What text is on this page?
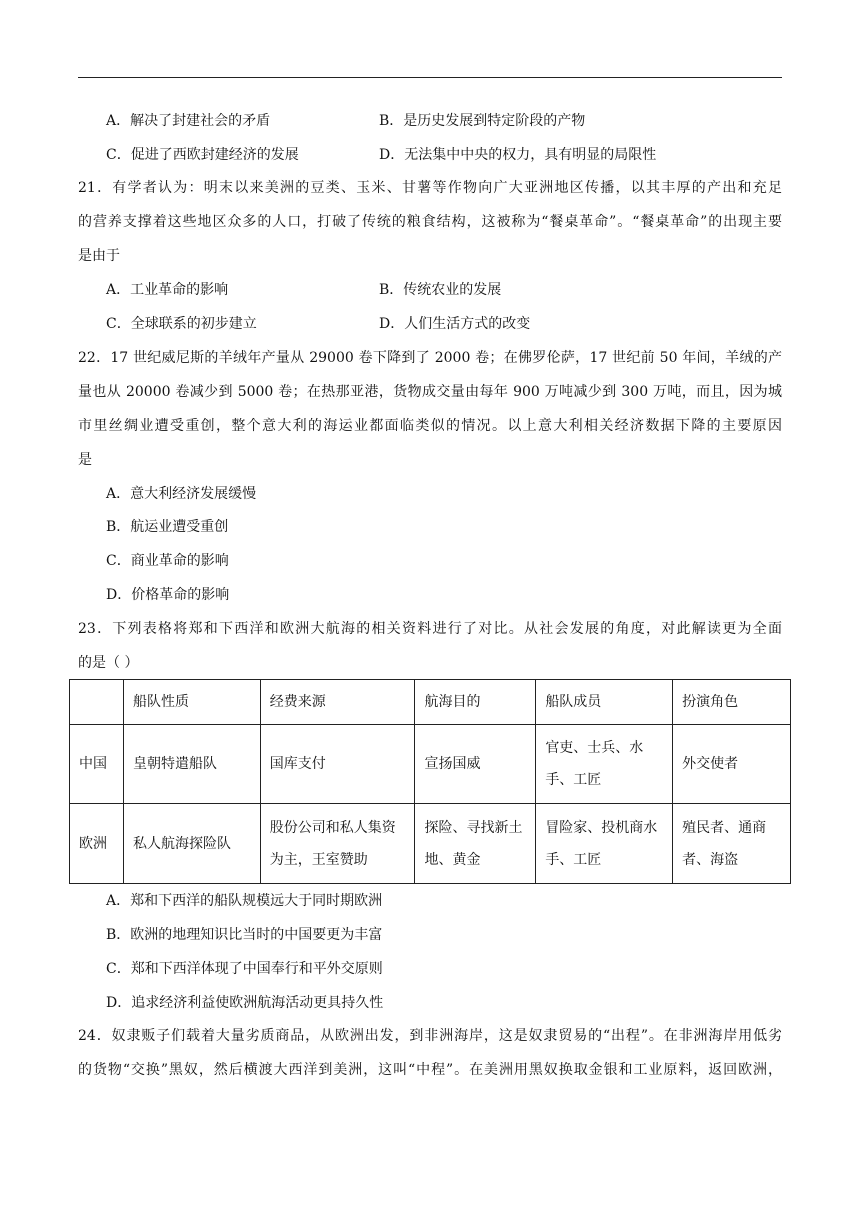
A．解决了封建社会的矛盾	B．是历史发展到特定阶段的产物
C．促进了西欧封建经济的发展	D．无法集中中央的权力，具有明显的局限性
21．有学者认为：明末以来美洲的豆类、玉米、甘薯等作物向广大亚洲地区传播，以其丰厚的产出和充足
的营养支撑着这些地区众多的人口，打破了传统的粮食结构，这被称为“餐桌革命”。“餐桌革命”的出现主要
是由于
A．工业革命的影响	B．传统农业的发展
C．全球联系的初步建立	D．人们生活方式的改变
22．17 世纪威尼斯的羊绒年产量从 29000 卷下降到了 2000 卷；在佛罗伦萨，17 世纪前 50 年间，羊绒的产
量也从 20000 卷减少到 5000 卷；在热那亚港，货物成交量由每年 900 万吨减少到 300 万吨，而且，因为城
市里丝绸业遭受重创，整个意大利的海运业都面临类似的情况。以上意大利相关经济数据下降的主要原因
是
A．意大利经济发展缓慢
B．航运业遭受重创
C．商业革命的影响
D．价格革命的影响
23．下列表格将郑和下西洋和欧洲大航海的相关资料进行了对比。从社会发展的角度，对此解读更为全面
的是（ ）
	船队性质	经费来源	航海目的	船队成员	扮演角色
中国	皇朝特遣船队	国库支付	宣扬国威	官吏、士兵、水手、工匠	外交使者
欧洲	私人航海探险队	股份公司和私人集资为主，王室赞助	探险、寻找新土地、黄金	冒险家、投机商水手、工匠	殖民者、通商者、海盗
A．郑和下西洋的船队规模远大于同时期欧洲
B．欧洲的地理知识比当时的中国要更为丰富
C．郑和下西洋体现了中国奉行和平外交原则
D．追求经济利益使欧洲航海活动更具持久性
24．奴隶贩子们载着大量劣质商品，从欧洲出发，到非洲海岸，这是奴隶贸易的“出程”。在非洲海岸用低劣
的货物“交换”黑奴，然后横渡大西洋到美洲，这叫“中程”。在美洲用黑奴换取金银和工业原料，返回欧洲，
